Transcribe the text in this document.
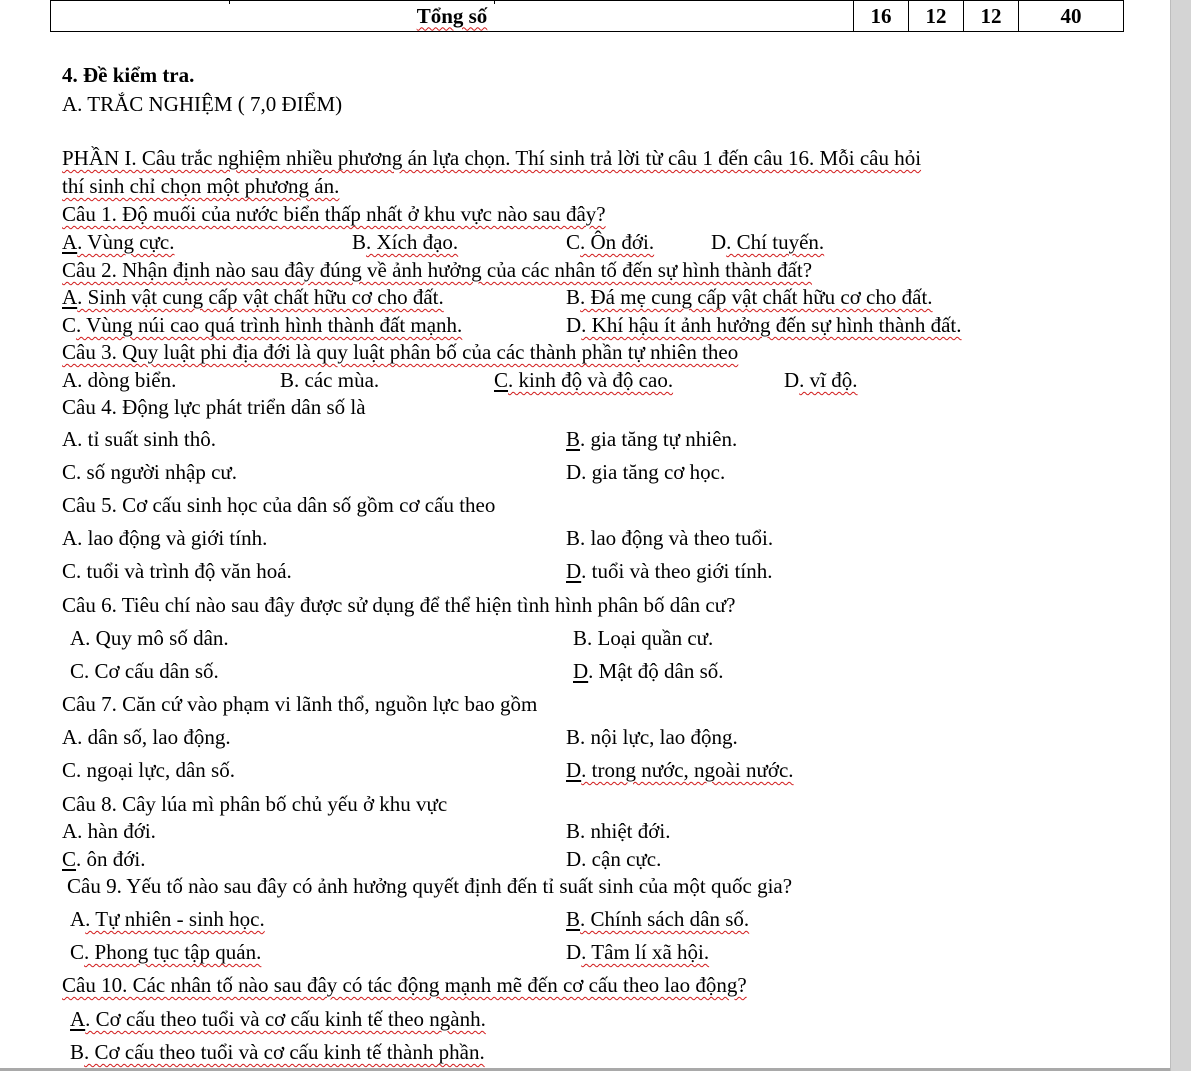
Tổng số	16	12	12	40
4. Đề kiểm tra.
A. TRẮC NGHIỆM ( 7,0 ĐIỂM)
PHẦN I. Câu trắc nghiệm nhiều phương án lựa chọn. Thí sinh trả lời từ câu 1 đến câu 16. Mỗi câu hỏi
thí sinh chỉ chọn một phương án.
Câu 1. Độ muối của nước biển thấp nhất ở khu vực nào sau đây?
A. Vùng cực.	B. Xích đạo.	C. Ôn đới.	D. Chí tuyến.
Câu 2. Nhận định nào sau đây đúng về ảnh hưởng của các nhân tố đến sự hình thành đất?
A. Sinh vật cung cấp vật chất hữu cơ cho đất.	B. Đá mẹ cung cấp vật chất hữu cơ cho đất.
C. Vùng núi cao quá trình hình thành đất mạnh.	D. Khí hậu ít ảnh hưởng đến sự hình thành đất.
Câu 3. Quy luật phi địa đới là quy luật phân bố của các thành phần tự nhiên theo
A. dòng biển.	B. các mùa.	C. kinh độ và độ cao.	D. vĩ độ.
Câu 4. Động lực phát triển dân số là
A. tỉ suất sinh thô.	B. gia tăng tự nhiên.
C. số người nhập cư.	D. gia tăng cơ học.
Câu 5. Cơ cấu sinh học của dân số gồm cơ cấu theo
A. lao động và giới tính.	B. lao động và theo tuổi.
C. tuổi và trình độ văn hoá.	D. tuổi và theo giới tính.
Câu 6. Tiêu chí nào sau đây được sử dụng để thể hiện tình hình phân bố dân cư?
A. Quy mô số dân.	B. Loại quần cư.
C. Cơ cấu dân số.	D. Mật độ dân số.
Câu 7. Căn cứ vào phạm vi lãnh thổ, nguồn lực bao gồm
A. dân số, lao động.	B. nội lực, lao động.
C. ngoại lực, dân số.	D. trong nước, ngoài nước.
Câu 8. Cây lúa mì phân bố chủ yếu ở khu vực
A. hàn đới.	B. nhiệt đới.
C. ôn đới.	D. cận cực.
Câu 9. Yếu tố nào sau đây có ảnh hưởng quyết định đến tỉ suất sinh của một quốc gia?
A. Tự nhiên - sinh học.	B. Chính sách dân số.
C. Phong tục tập quán.	D. Tâm lí xã hội.
Câu 10. Các nhân tố nào sau đây có tác động mạnh mẽ đến cơ cấu theo lao động?
A. Cơ cấu theo tuổi và cơ cấu kinh tế theo ngành.
B. Cơ cấu theo tuổi và cơ cấu kinh tế thành phần.
